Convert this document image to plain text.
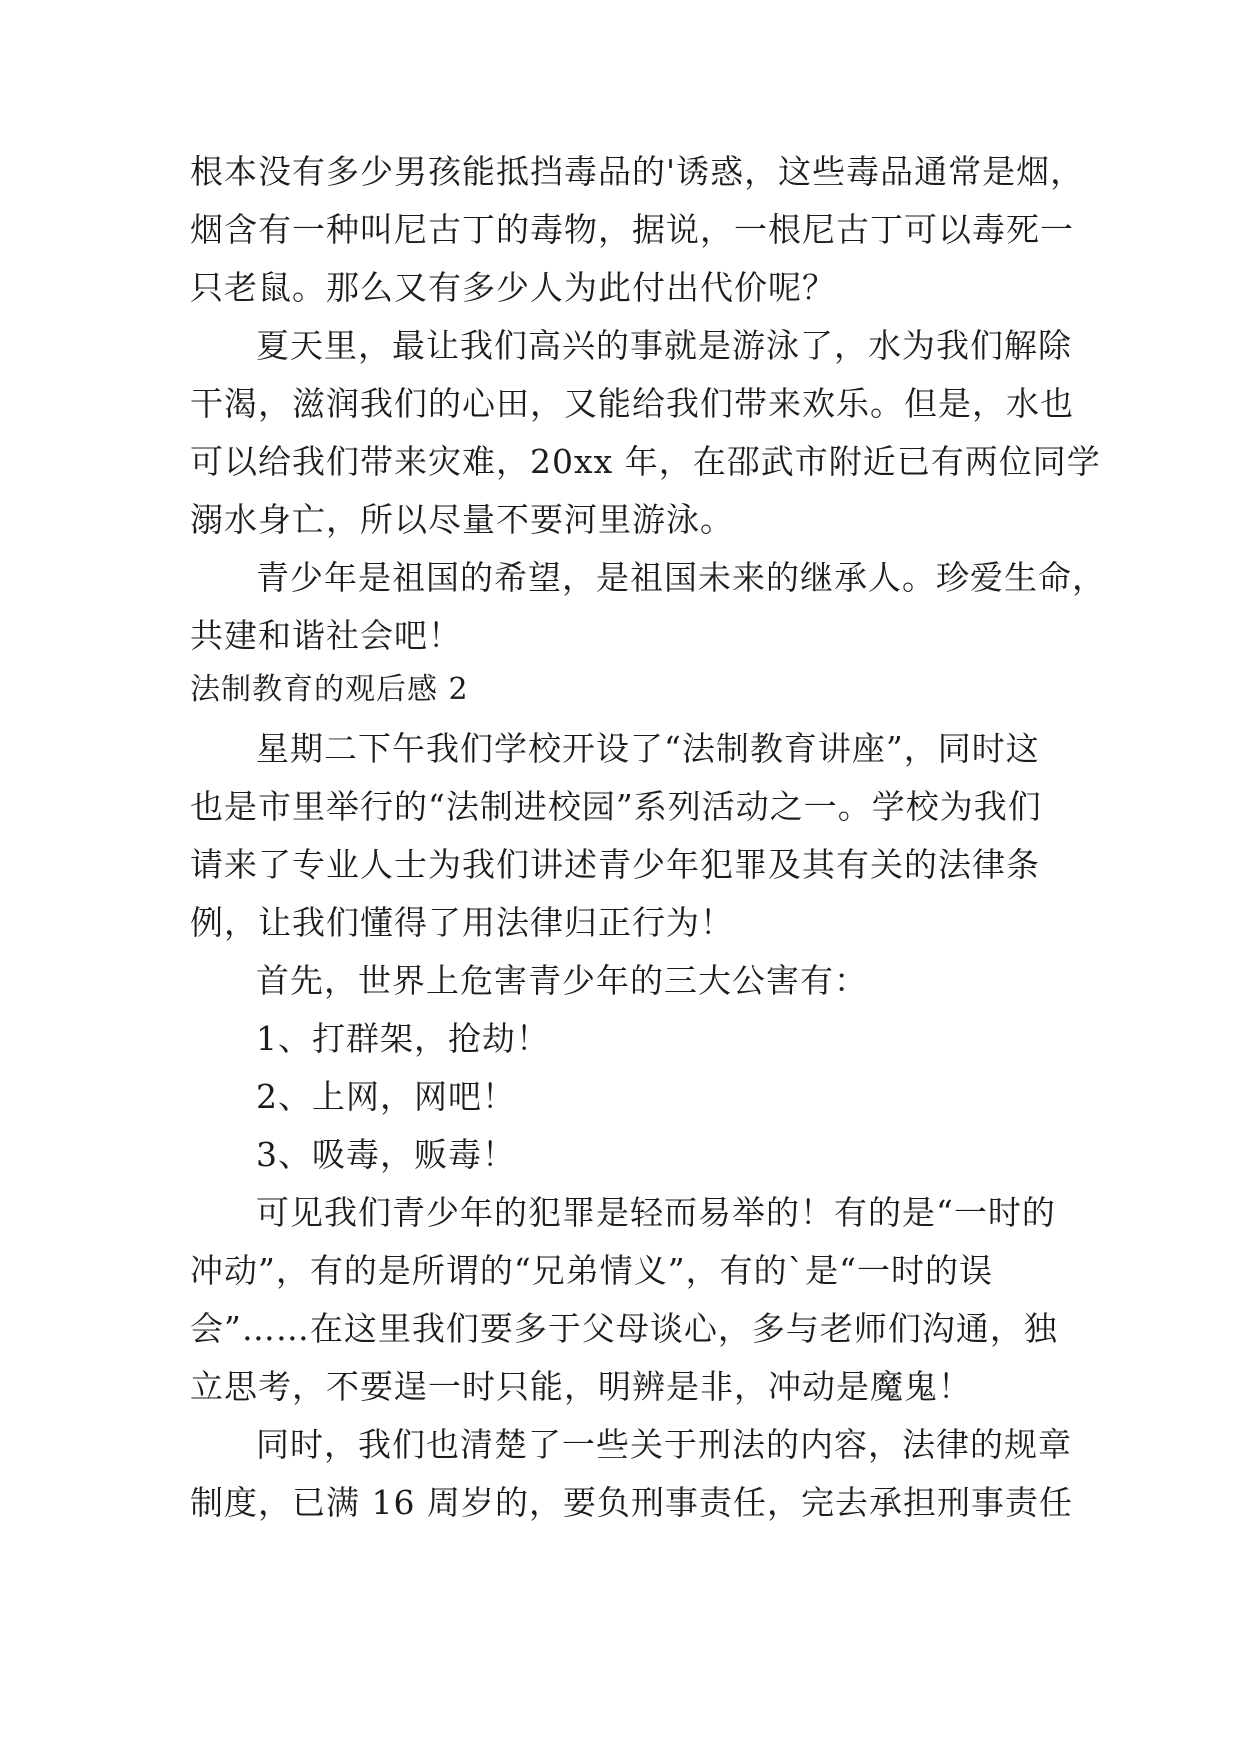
根本没有多少男孩能抵挡毒品的'诱惑，这些毒品通常是烟，
烟含有一种叫尼古丁的毒物，据说，一根尼古丁可以毒死一
只老鼠。那么又有多少人为此付出代价呢？
夏天里，最让我们高兴的事就是游泳了，水为我们解除
干渴，滋润我们的心田，又能给我们带来欢乐。但是，水也
可以给我们带来灾难，20xx 年，在邵武市附近已有两位同学
溺水身亡，所以尽量不要河里游泳。
青少年是祖国的希望，是祖国未来的继承人。珍爱生命，
共建和谐社会吧！
法制教育的观后感 2
星期二下午我们学校开设了“法制教育讲座”，同时这
也是市里举行的“法制进校园”系列活动之一。学校为我们
请来了专业人士为我们讲述青少年犯罪及其有关的法律条
例，让我们懂得了用法律归正行为！
首先，世界上危害青少年的三大公害有：
1、打群架，抢劫！
2、上网，网吧！
3、吸毒，贩毒！
可见我们青少年的犯罪是轻而易举的！有的是“一时的
冲动”，有的是所谓的“兄弟情义”，有的`是“一时的误
会”……在这里我们要多于父母谈心，多与老师们沟通，独
立思考，不要逞一时只能，明辨是非，冲动是魔鬼！
同时，我们也清楚了一些关于刑法的内容，法律的规章
制度，已满 16 周岁的，要负刑事责任，完去承担刑事责任
